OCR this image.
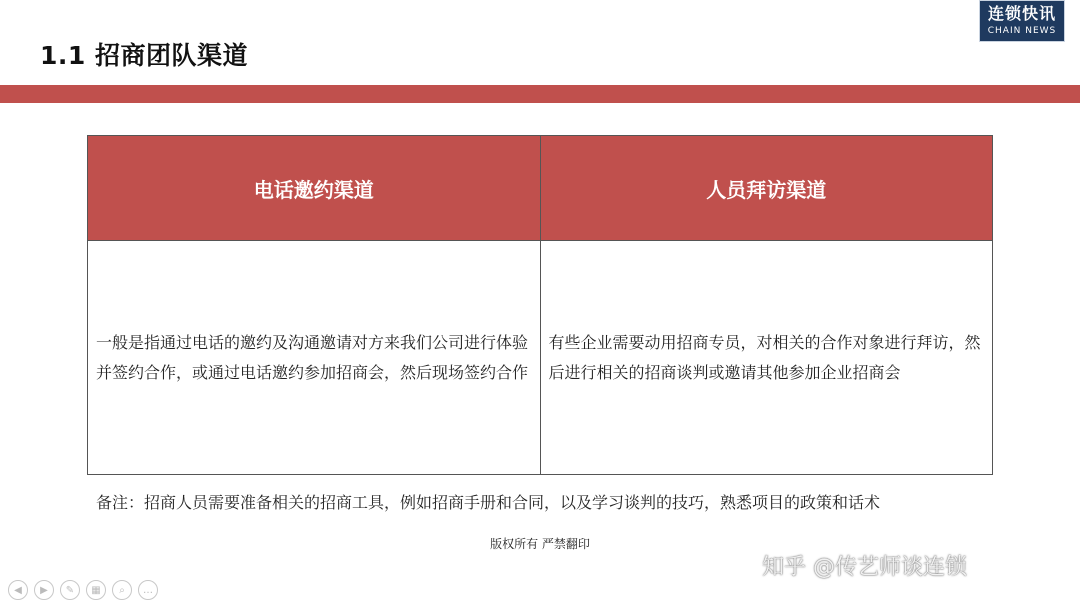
1.1 招商团队渠道
连锁快讯
CHAIN NEWS
电话邀约渠道	人员拜访渠道
一般是指通过电话的邀约及沟通邀请对方来我们公司进行体验并签约合作，或通过电话邀约参加招商会，然后现场签约合作	有些企业需要动用招商专员，对相关的合作对象进行拜访，然后进行相关的招商谈判或邀请其他参加企业招商会
备注：招商人员需要准备相关的招商工具，例如招商手册和合同，以及学习谈判的技巧，熟悉项目的政策和话术
版权所有 严禁翻印
知乎 @传艺师谈连锁
◀	▶	✎	▦	⌕	…
